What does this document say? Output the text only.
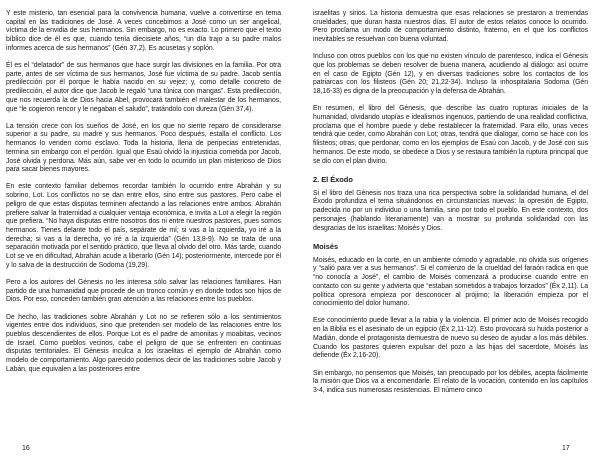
Y este misterio, tan esencial para la convivencia humana, vuelve a convertirse en tema capital en las tradiciones de José. A veces concebimos a José como un ser angelical, víctima de la envidia de sus hermanos. Sin embargo, no es exacto. Lo primero que el texto bíblico dice de él es que, cuando tenía diecisiete años, “un día trajo a su padre malos informes acerca de sus hermanos” (Gén 37,2). Es acusetas y soplón.

Él es el “delatador” de sus hermanos que hace surgir las divisiones en la familia. Por otra parte, antes de ser víctima de sus hermanos, José fue víctima de su padre. Jacob sentía predilección por él porque le había nacido en su vejez; y, como detalle concreto de predilección, el autor dice que Jacob le regaló “una túnica con mangas”. Esta predilección, que nos recuerda la de Dios hacia Abel, provocará también el malestar de los hermanos, que “le cogieron rencor y le negaban el saludo”, tratándolo con dureza (Gén 37,4).

La tensión crece con los sueños de José, en los que no siente reparo de considerarse superior a su padre, su madre y sus hermanos. Poco después, estalla el conflicto. Los hermanos lo venden como esclavo. Toda la historia, llena de peripecias entretenidas, termina sin embargo con el perdón. Igual que Esaú olvidó la injusticia cometida por Jacob, José olvida y perdona. Más aún, sabe ver en todo lo ocurrido un plan misterioso de Dios para sacar bienes mayores.

En este contexto familiar debemos recordar también lo ocurrido entre Abrahán y su sobrino, Lot. Los conflictos no se dan entre ellos, sino entre sus pastores. Pero cabe el peligro de que estas disputas terminen afectando a las relaciones entre ambos. Abrahán prefiere salvar la fraternidad a cualquier ventaja económica, e invita a Lot a elegir la región que prefiera. “No haya disputas entre nosotros dos ni entre nuestros pastores, pues somos hermanos. Tienes delante todo el país, sepárate de mí; si vas a la izquierda, yo iré a la derecha; si vas a la derecha, yo iré a la izquierda” (Gén 13,8-9). No se trata de una separación motivada por el sentido práctico, que lleva al olvido del otro. Más tarde, cuando Lot se ve en dificultad, Abrahán acude a liberarlo (Gén 14); posteriormente, intercede por él y lo salva de la destrucción de Sodoma (19,29).

Pero a los autores del Génesis no les interesa sólo salvar las relaciones familiares. Han partido de una humanidad que procede de un tronco común y en donde todos son hijos de Dios. Por eso, conceden también gran atención a las relaciones entre los pueblos.

De hecho, las tradiciones sobre Abrahán y Lot no se refieren sólo a los sentimientos vigentes entre dos individuos, sino que pretenden ser modelo de las relaciones entre los pueblos descendientes de ellos. Porque Lot es el padre de amonitas y moabitas, vecinos de Israel. Como pueblos vecinos, cabe el peligro de que se enfrenten en continuas disputas territoriales. El Génesis inculca a los israelitas el ejemplo de Abrahán como modelo de comportamiento. Algo parecido podemos decir de las tradiciones sobre Jacob y Labán, que equivalen a las posteriores entre

16

israelitas y sirios. La historia demuestra que esas relaciones se prestaron a tremendas crueldades, que duran hasta nuestros días. El autor de estos relatos conoce lo ocurrido. Pero proclama un modo de comportamiento distinto, fraterno, en el que los conflictos inevitables se resuelvan con buena voluntad.

Incluso con otros pueblos con los que no existen vínculo de parentesco, indica el Génesis que los problemas se deben resolver de buena manera, acudiendo al diálogo: así ocurre en el caso de Egipto (Gén 12), y en diversas tradiciones sobre los contactos de los patriarcas con los filisteos (Gén 20; 21,22-34). Incluso la inhospitalaria Sodoma (Gén 18,16-33) es digna de la preocupación y la defensa de Abrahán.

En resumen, el libro del Génesis, que describe las cuatro rupturas iniciales de la humanidad, olvidando utopías e idealismos ingenuos, partiendo de una realidad conflictiva, proclama que el hombre puede y debe restablecer la fraternidad. Para ello, unas veces tendrá que ceder, como Abrahán con Lot; otras, tendrá que dialogar, como se hace con los filisteos; otras, que perdonar, como en los ejemplos de Esaú con Jacob, y de José con sus hermanos. De este modo, se obedece a Dios y se restaura también la ruptura principal que se dio con el plan divino.

2. El Éxodo

Si el libro del Génesis nos traza una rica perspectiva sobre la solidaridad humana, el del Éxodo profundiza el tema situándonos en circunstancias nuevas: la opresión de Egipto, padecida no por un individuo o una familia, sino por todo el pueblo. En este contexto, dos personajes (hablando literariamente) van a mostrar su profunda solidaridad con las desgracias de los israelitas: Moisés y Dios.

Moisés

Moisés, educado en la corte, en un ambiente cómodo y agradable, no olvida sus orígenes y “salió para ver a sus hermanos”. Si el comienzo de la crueldad del faraón radica en que “no conocía a José”, el cambio de Moisés comenzará a producirse cuando entre en contacto con su gente y advierta que “estaban sometidos a trabajos forzados” (Éx 2,11). La política opresora empieza por desconocer al prójimo; la liberación empieza por el conocimiento del dolor humano.

Ese conocimiento puede llevar a la rabia y la violencia. El primer acto de Moisés recogido en la Biblia es el asesinato de un egipcio (Éx 2,11-12). Esto provocará su huida posterior a Madián, donde el protagonista demuestra de nuevo su deseo de ayudar a los más débiles. Cuando los pastores quieren expulsar del pozo a las hijas del sacerdote, Moisés las defiende (Éx 2,16-20).

Sin embargo, no pensemos que Moisés, tan preocupado por los débiles, acepta fácilmente la misión que Dios va a encomendarle. El relato de la vocación, contenido en los capítulos 3-4, indica sus numerosas resistencias. El número cinco

17
